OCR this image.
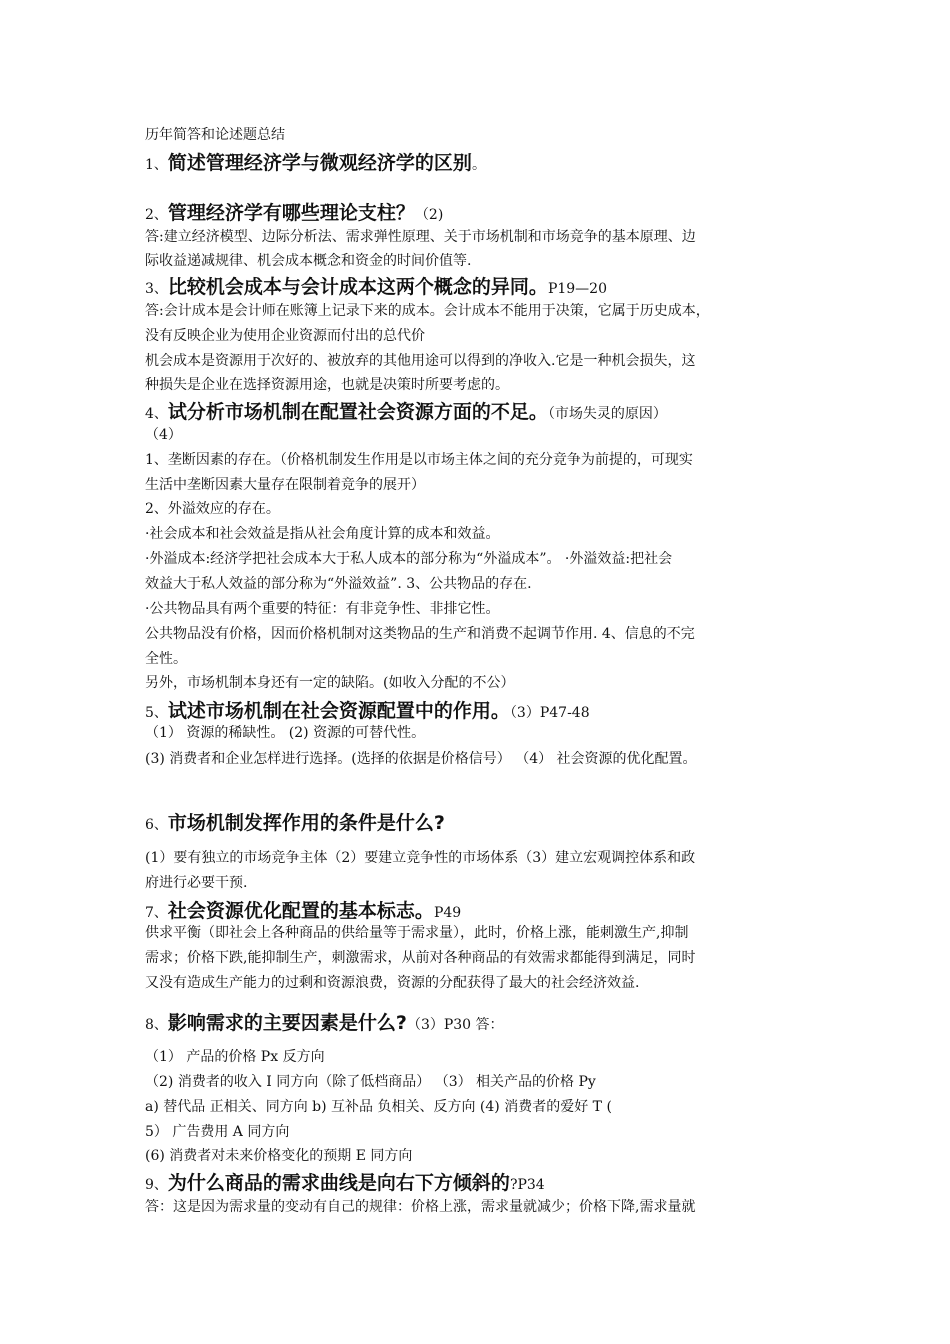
历年简答和论述题总结
1、简述管理经济学与微观经济学的区别。
2、管理经济学有哪些理论支柱？（2)
答:建立经济模型、边际分析法、需求弹性原理、关于市场机制和市场竞争的基本原理、边
际收益递减规律、机会成本概念和资金的时间价值等.
3、比较机会成本与会计成本这两个概念的异同。P19—20
答:会计成本是会计师在账簿上记录下来的成本。会计成本不能用于决策，它属于历史成本，
没有反映企业为使用企业资源而付出的总代价
机会成本是资源用于次好的、被放弃的其他用途可以得到的净收入.它是一种机会损失，这
种损失是企业在选择资源用途，也就是决策时所要考虑的。
4、试分析市场机制在配置社会资源方面的不足。（市场失灵的原因）
（4）
1、垄断因素的存在。（价格机制发生作用是以市场主体之间的充分竞争为前提的，可现实
生活中垄断因素大量存在限制着竞争的展开）
2、外溢效应的存在。
·社会成本和社会效益是指从社会角度计算的成本和效益。
·外溢成本:经济学把社会成本大于私人成本的部分称为“外溢成本”。 ·外溢效益:把社会
效益大于私人效益的部分称为“外溢效益”. 3、公共物品的存在.
·公共物品具有两个重要的特征：有非竞争性、非排它性。
公共物品没有价格，因而价格机制对这类物品的生产和消费不起调节作用. 4、信息的不完
全性。
另外，市场机制本身还有一定的缺陷。(如收入分配的不公）
5、试述市场机制在社会资源配置中的作用。（3）P47-48
（1） 资源的稀缺性。 (2) 资源的可替代性。
(3) 消费者和企业怎样进行选择。(选择的依据是价格信号） （4） 社会资源的优化配置。
6、市场机制发挥作用的条件是什么?
(1）要有独立的市场竞争主体（2）要建立竞争性的市场体系（3）建立宏观调控体系和政
府进行必要干预.
7、社会资源优化配置的基本标志。P49
供求平衡（即社会上各种商品的供给量等于需求量），此时，价格上涨，能刺激生产,抑制
需求；价格下跌,能抑制生产，刺激需求，从前对各种商品的有效需求都能得到满足，同时
又没有造成生产能力的过剩和资源浪费，资源的分配获得了最大的社会经济效益.
8、影响需求的主要因素是什么?（3）P30 答：
（1） 产品的价格 Px 反方向
（2) 消费者的收入 I 同方向（除了低档商品） （3） 相关产品的价格 Py
a) 替代品 正相关、同方向 b) 互补品 负相关、反方向 (4) 消费者的爱好 T (
5） 广告费用 A 同方向
(6) 消费者对未来价格变化的预期 E 同方向
9、为什么商品的需求曲线是向右下方倾斜的?P34
答：这是因为需求量的变动有自己的规律：价格上涨，需求量就减少；价格下降,需求量就
